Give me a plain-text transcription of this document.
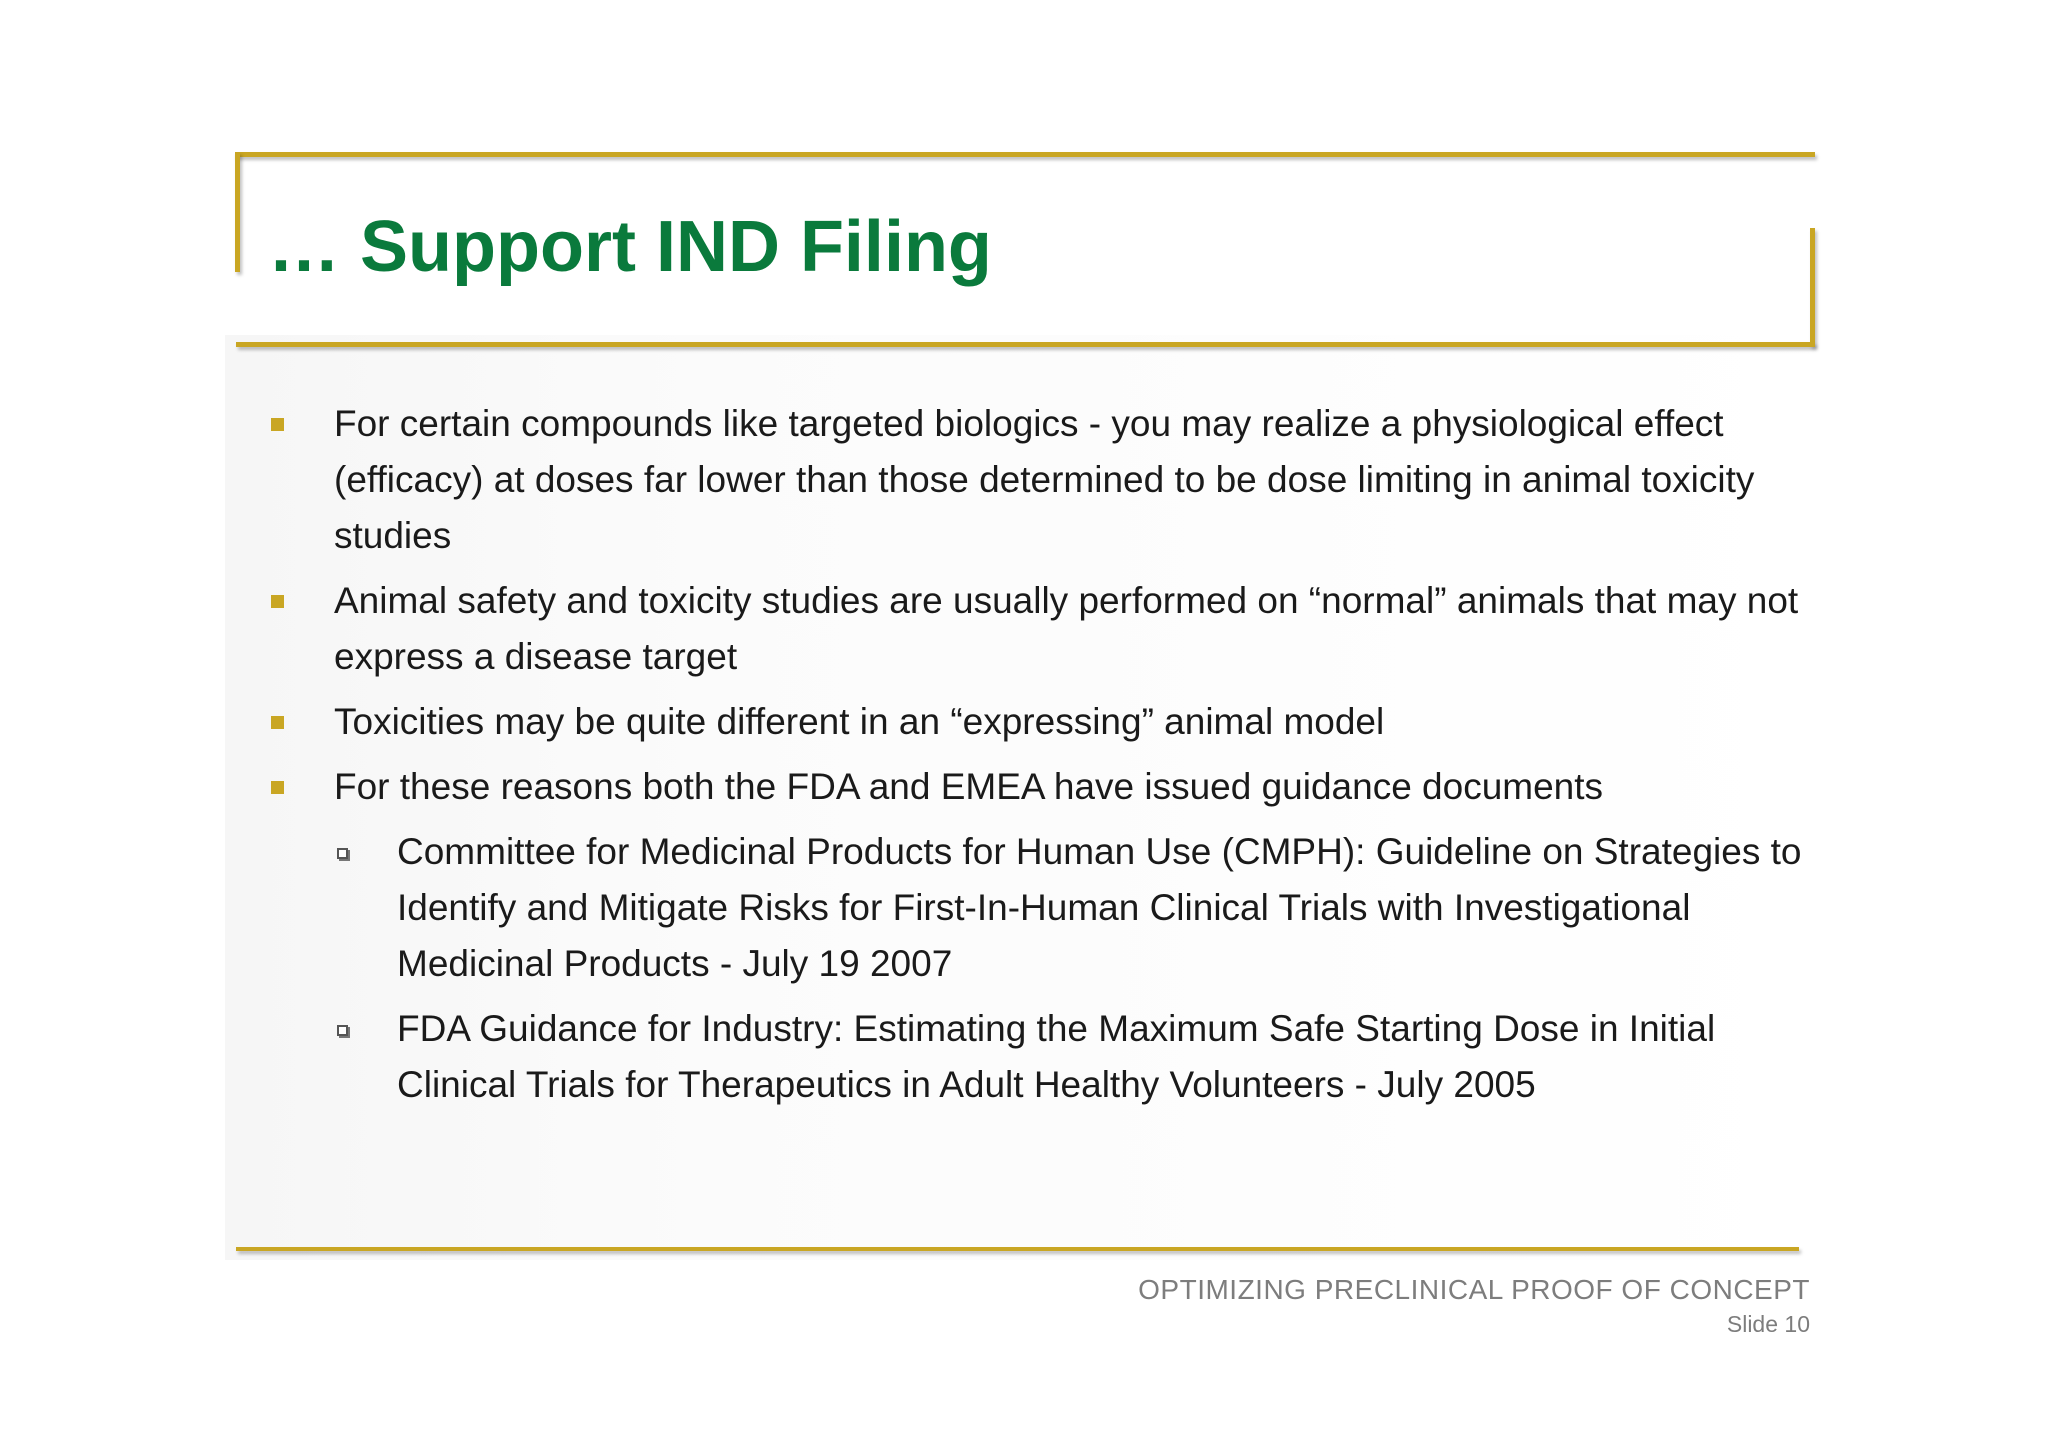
… Support IND Filing
For certain compounds like targeted biologics - you may realize a physiological effect (efficacy) at doses far lower than those determined to be dose limiting in animal toxicity studies
Animal safety and toxicity studies are usually performed on “normal” animals that may not express a disease target
Toxicities may be quite different in an “expressing” animal model
For these reasons both the FDA and EMEA have issued guidance documents
Committee for Medicinal Products for Human Use (CMPH): Guideline on Strategies to Identify and Mitigate Risks for First-In-Human Clinical Trials with Investigational Medicinal Products - July 19 2007
FDA Guidance for Industry: Estimating the Maximum Safe Starting Dose in Initial Clinical Trials for Therapeutics in Adult Healthy Volunteers - July 2005
OPTIMIZING PRECLINICAL PROOF OF CONCEPT
Slide 10
